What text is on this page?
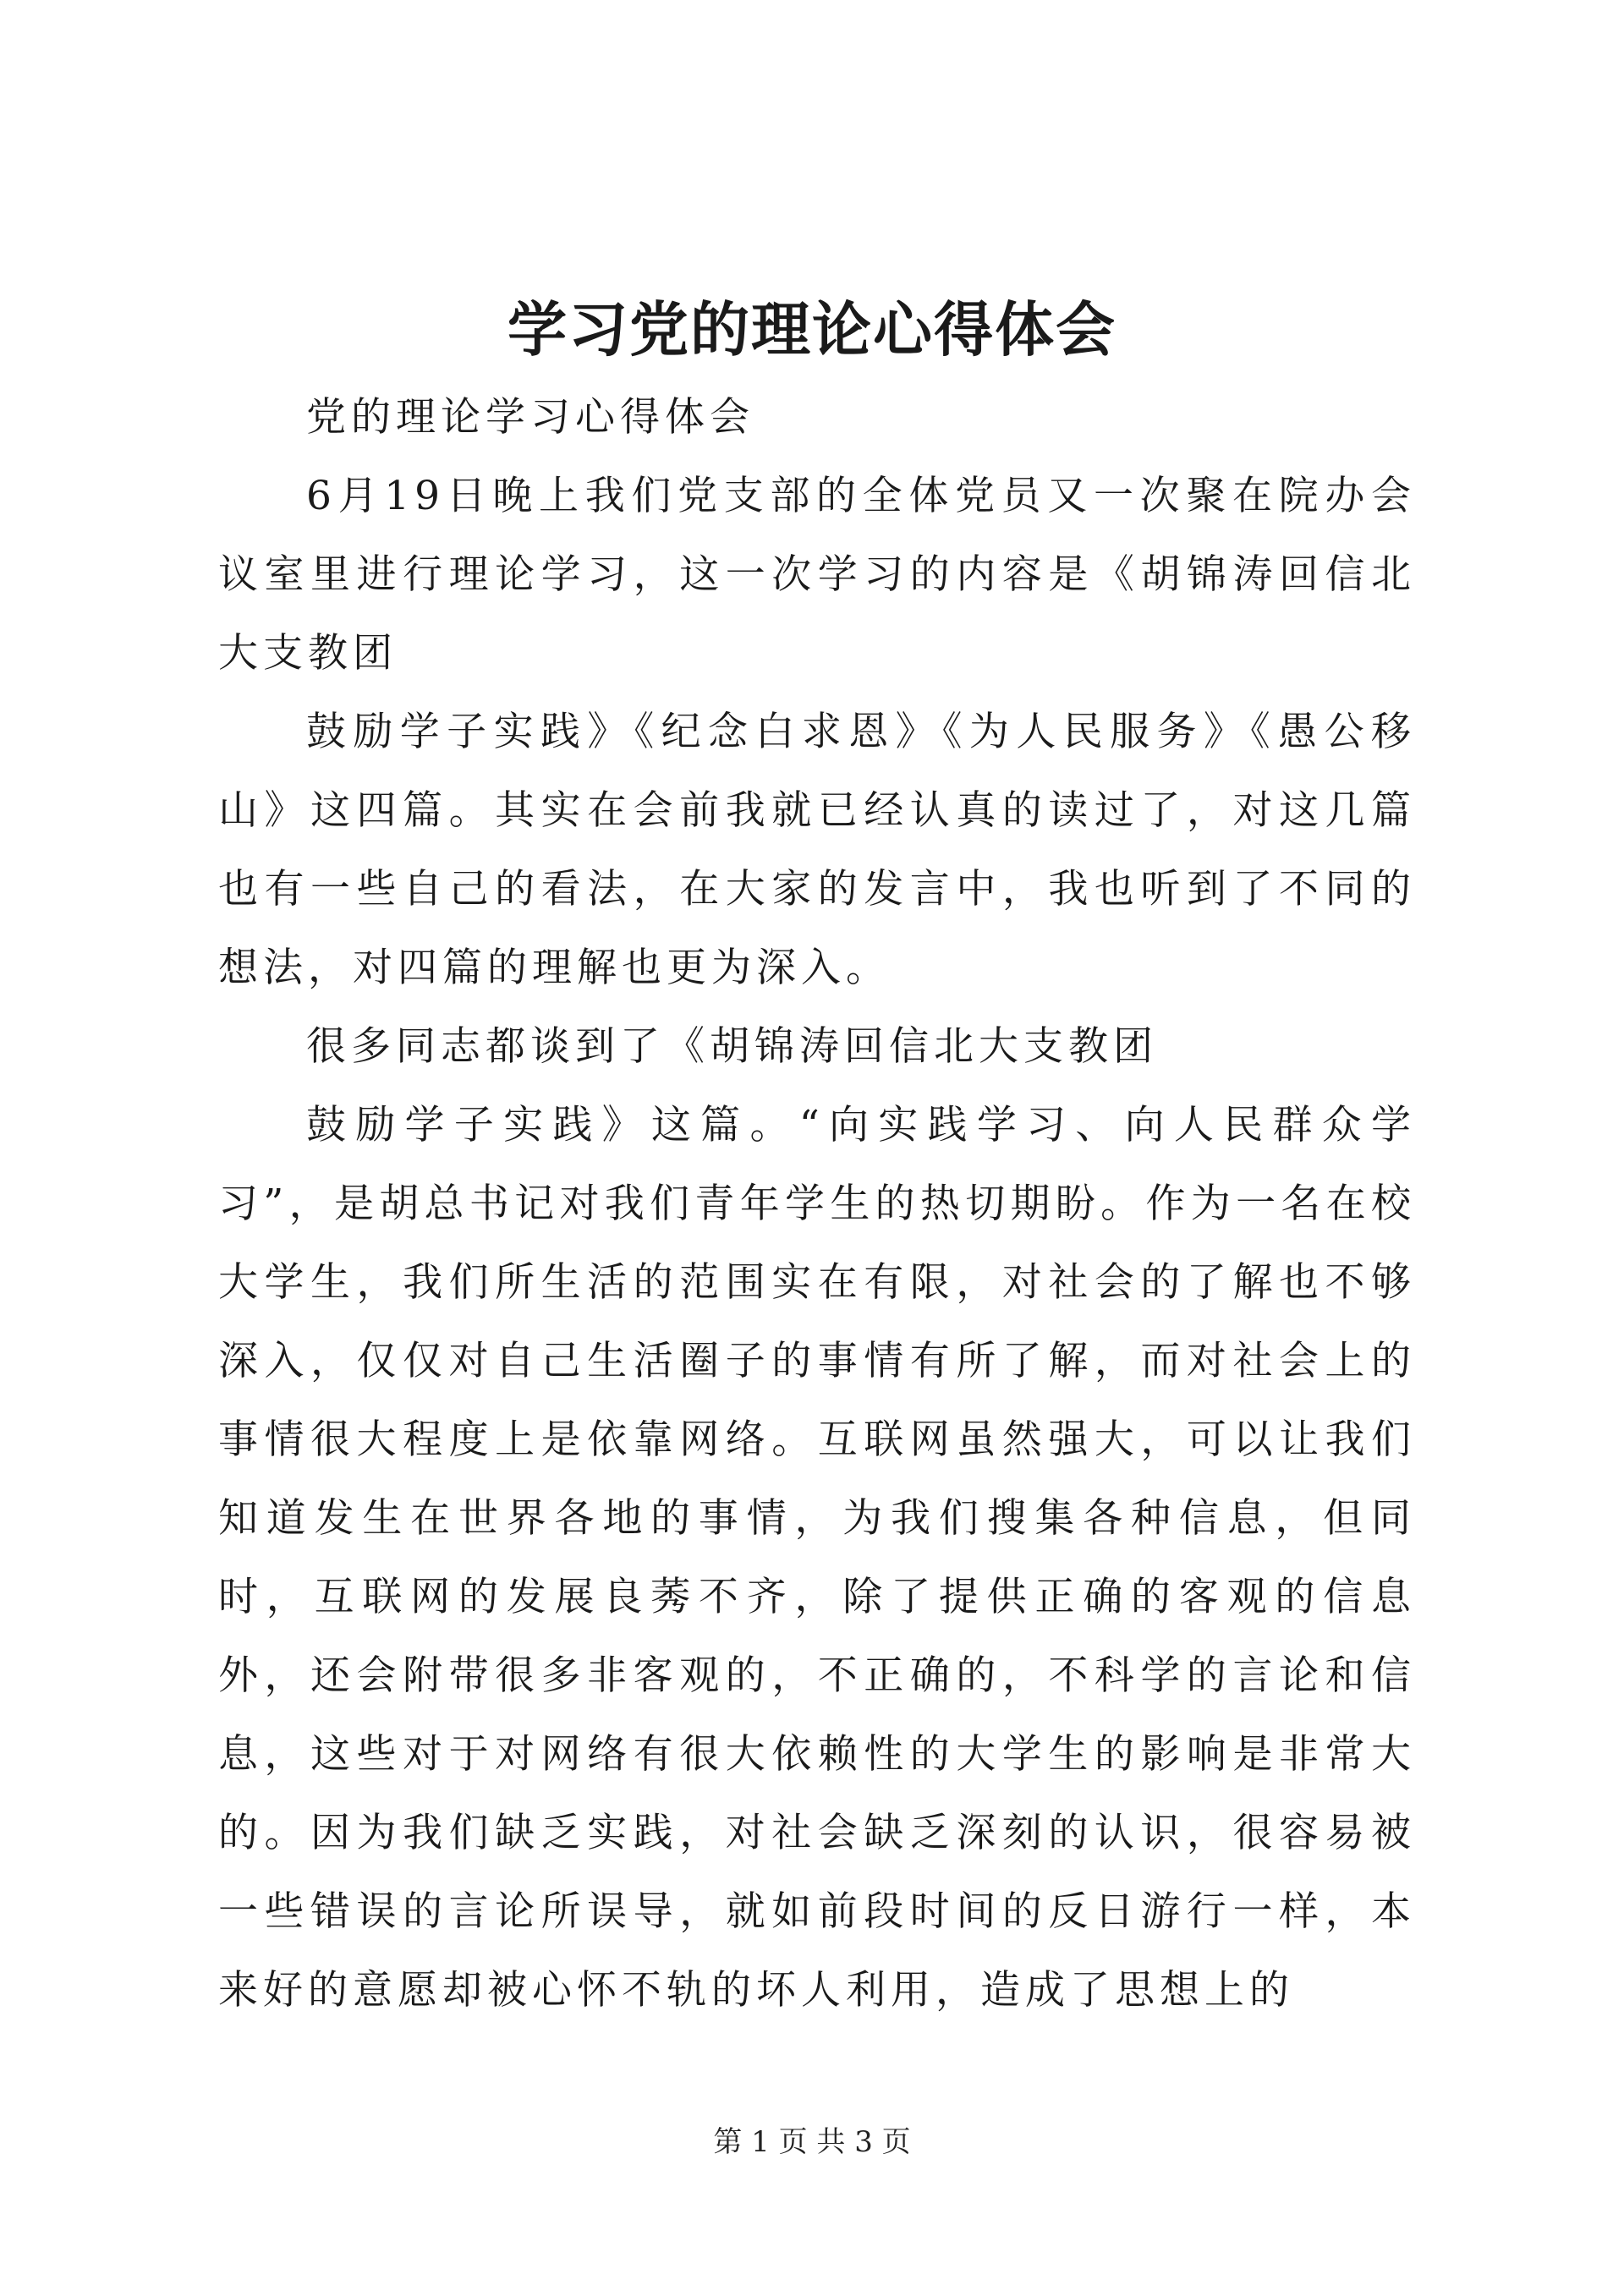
学习党的理论心得体会

党的理论学习心得体会

6月19日晚上我们党支部的全体党员又一次聚在院办会议室里进行理论学习，这一次学习的内容是《胡锦涛回信北大支教团

鼓励学子实践》《纪念白求恩》《为人民服务》《愚公移山》这四篇。其实在会前我就已经认真的读过了，对这几篇也有一些自己的看法，在大家的发言中，我也听到了不同的想法，对四篇的理解也更为深入。

很多同志都谈到了《胡锦涛回信北大支教团

鼓励学子实践》这篇。“向实践学习、向人民群众学习”，是胡总书记对我们青年学生的热切期盼。作为一名在校大学生，我们所生活的范围实在有限，对社会的了解也不够深入，仅仅对自己生活圈子的事情有所了解，而对社会上的事情很大程度上是依靠网络。互联网虽然强大，可以让我们知道发生在世界各地的事情，为我们搜集各种信息，但同时，互联网的发展良莠不齐，除了提供正确的客观的信息外，还会附带很多非客观的，不正确的，不科学的言论和信息，这些对于对网络有很大依赖性的大学生的影响是非常大的。因为我们缺乏实践，对社会缺乏深刻的认识，很容易被一些错误的言论所误导，就如前段时间的反日游行一样，本来好的意愿却被心怀不轨的坏人利用，造成了思想上的

第 1 页 共 3 页
